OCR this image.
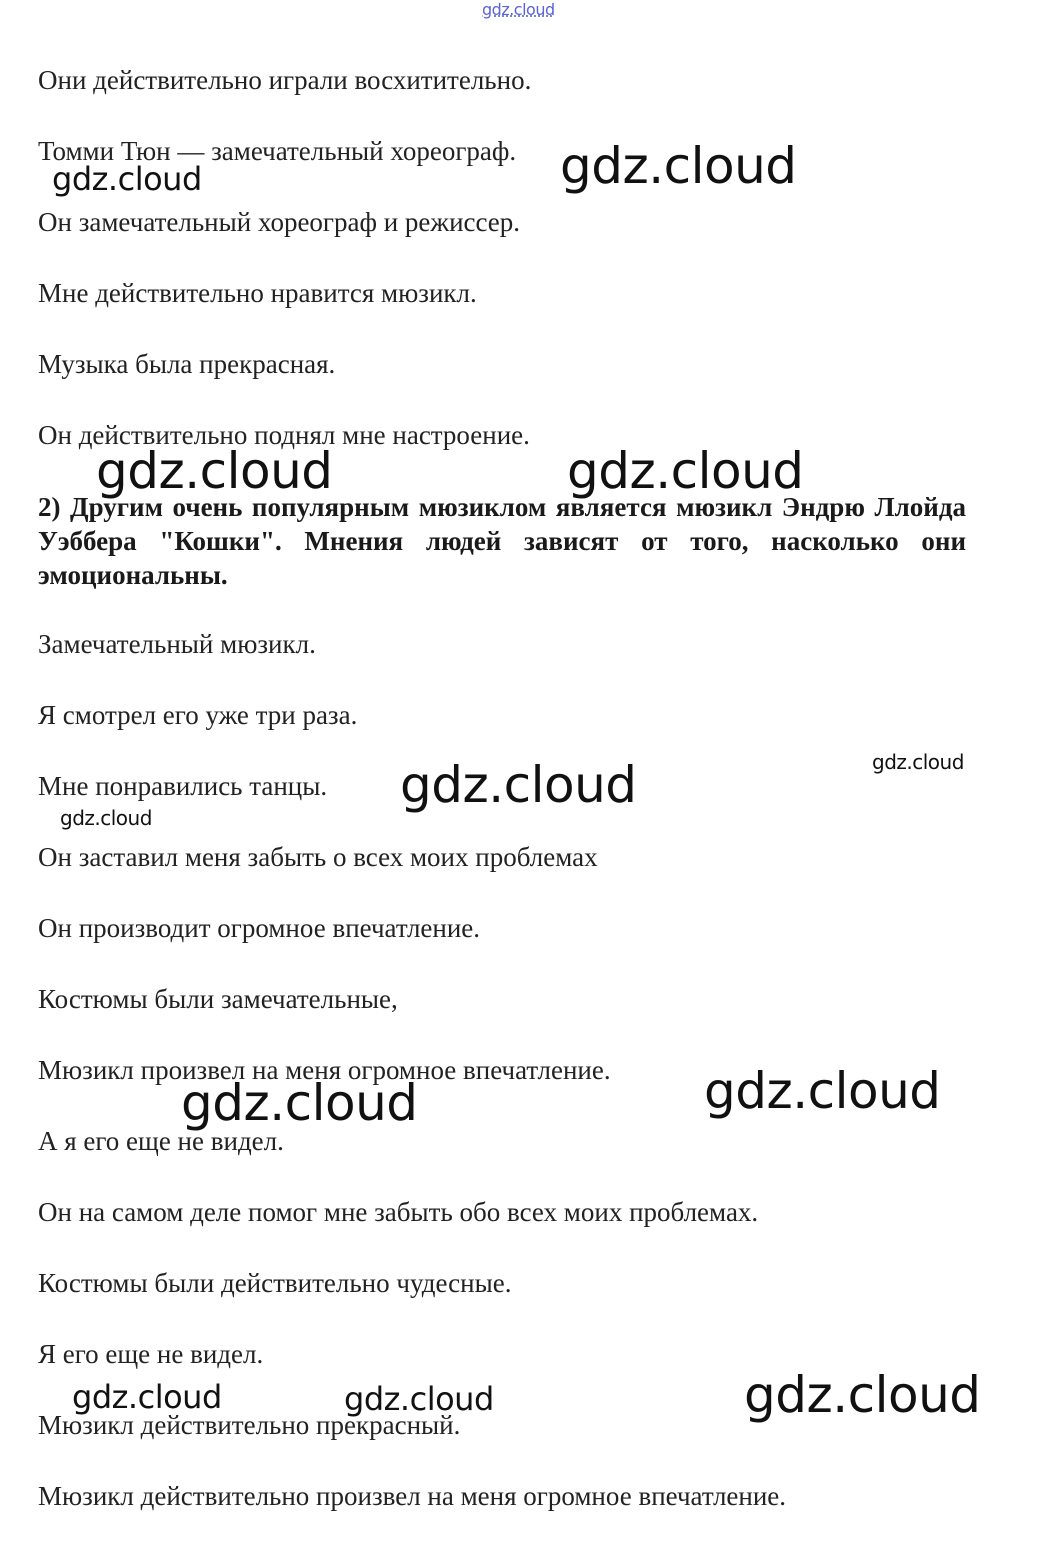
gdz.cloud
Они действительно играли восхитительно.
Томми Тюн — замечательный хореограф.
Он замечательный хореограф и режиссер.
Мне действительно нравится мюзикл.
Музыка была прекрасная.
Он действительно поднял мне настроение.
2) Другим очень популярным мюзиклом является мюзикл Эндрю Ллойда Уэббера "Кошки". Мнения людей зависят от того, насколько они эмоциональны.
Замечательный мюзикл.
Я смотрел его уже три раза.
Мне понравились танцы.
Он заставил меня забыть о всех моих проблемах
Он производит огромное впечатление.
Костюмы были замечательные,
Мюзикл произвел на меня огромное впечатление.
А я его еще не видел.
Он на самом деле помог мне забыть обо всех моих проблемах.
Костюмы были действительно чудесные.
Я его еще не видел.
Мюзикл действительно прекрасный.
Мюзикл действительно произвел на меня огромное впечатление.
gdz.cloud
gdz.cloud
gdz.cloud	gdz.cloud
gdz.cloud
gdz.cloud
gdz.cloud
gdz.cloud
gdz.cloud
gdz.cloud
gdz.cloud
gdz.cloud
